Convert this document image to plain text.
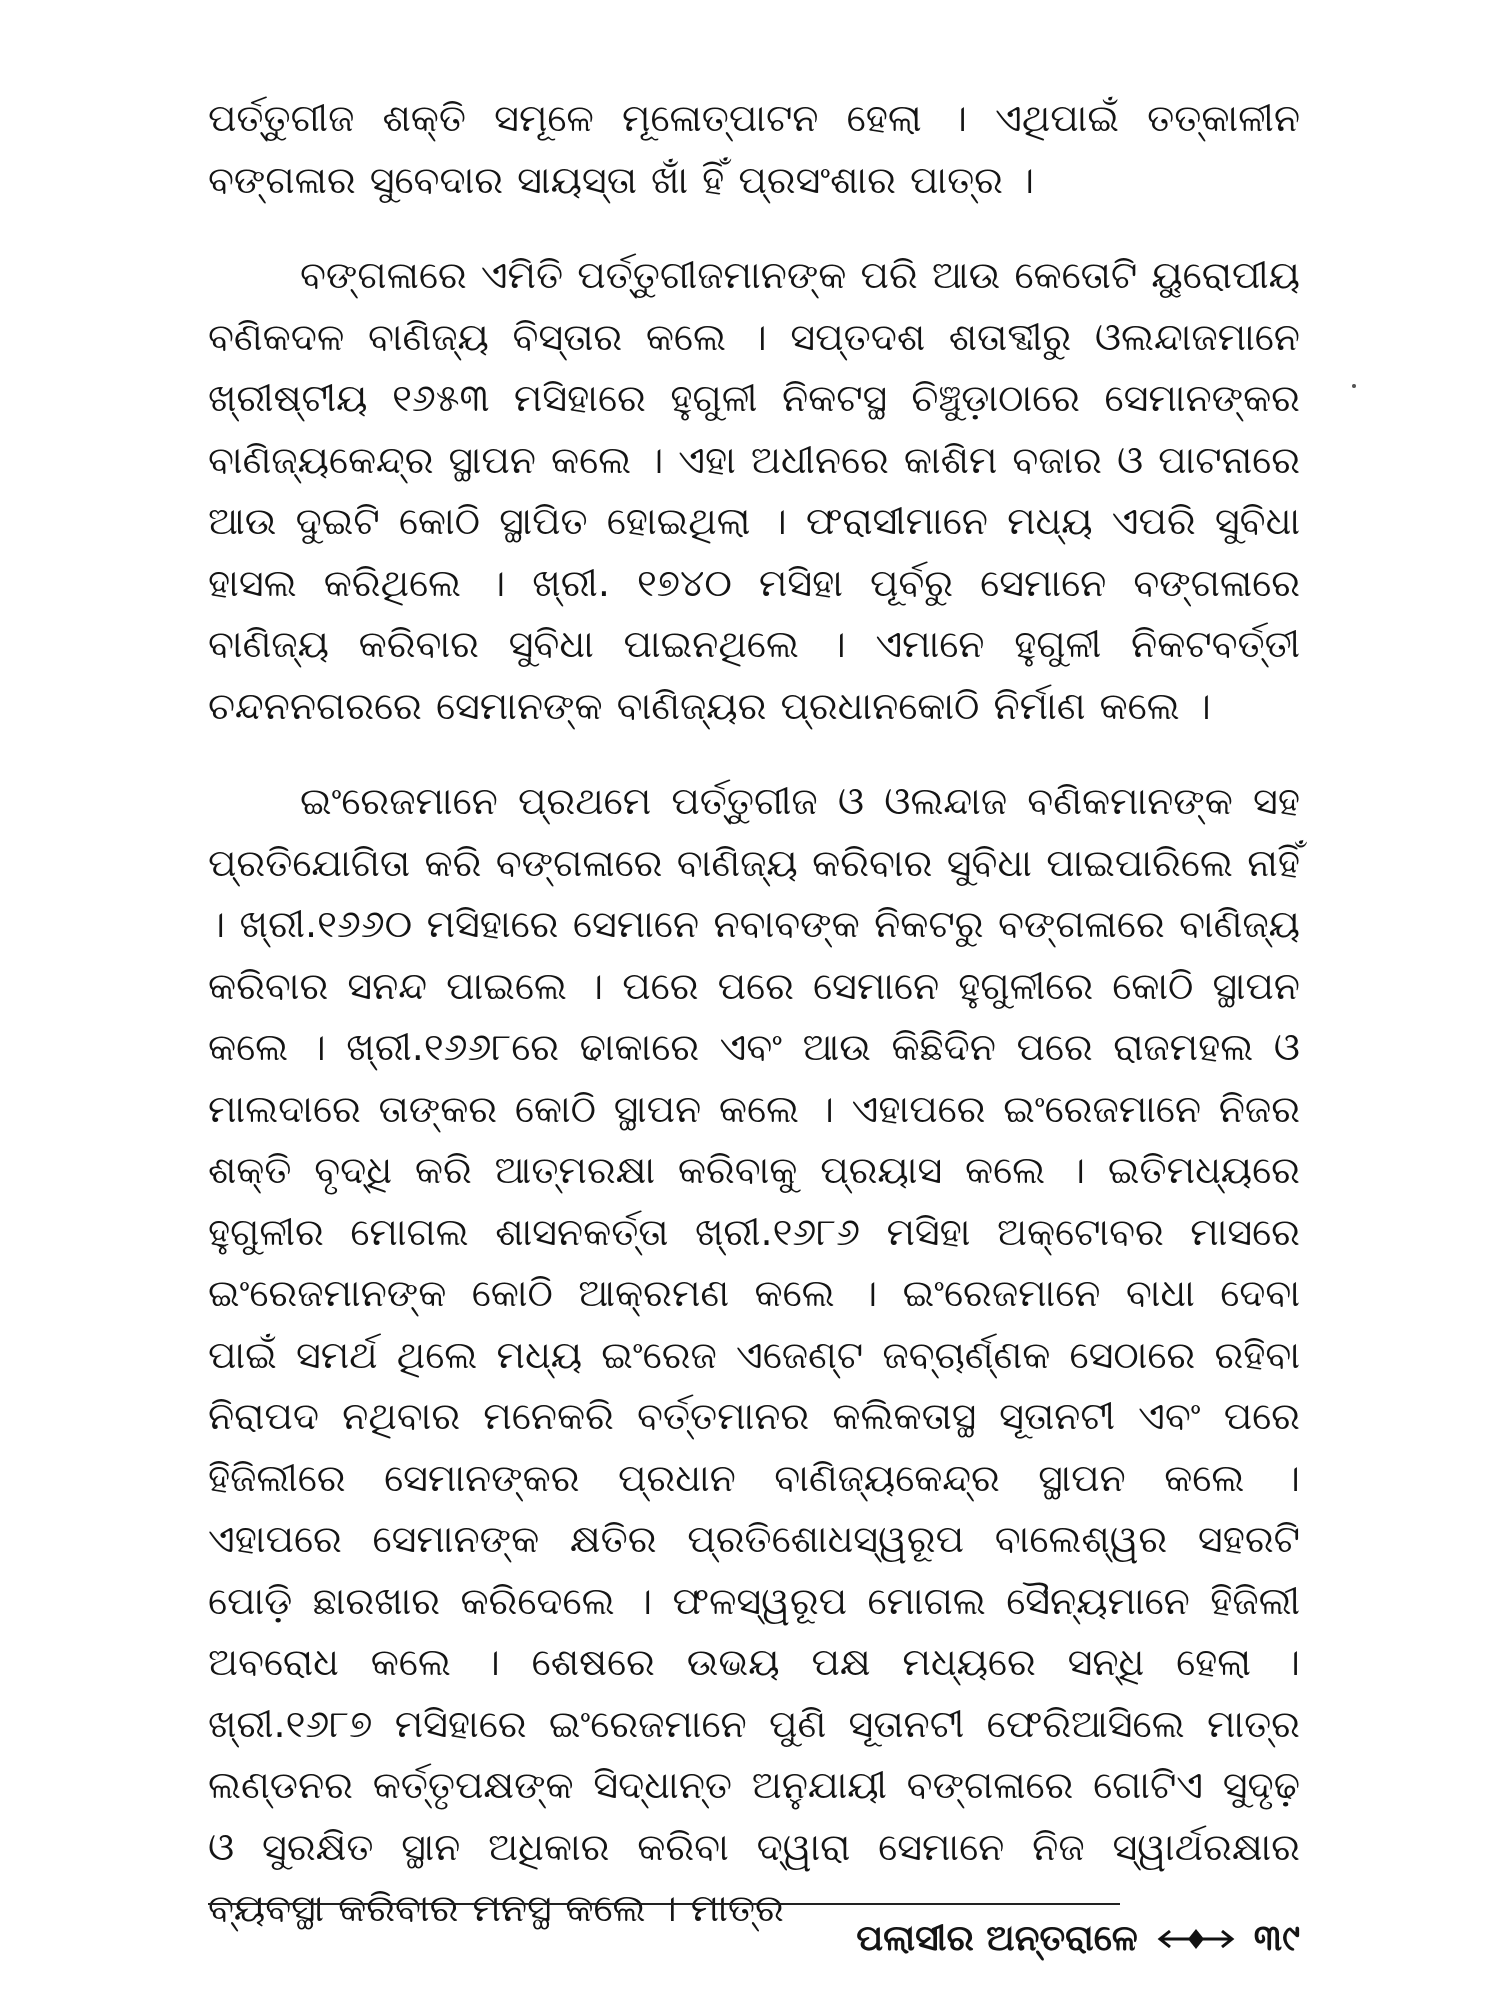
ପର୍ତ୍ତୁଗୀଜ ଶକ୍ତି ସମୂଳେ ମୂଳୋତ୍ପାଟନ ହେଲା । ଏଥିପାଇଁ ତତ୍‌କାଳୀନ ବଙ୍ଗଳାର ସୁବେଦାର ସାୟସ୍ତା ଖାଁ ହିଁ ପ୍ରସଂଶାର ପାତ୍ର ।

ବଙ୍ଗଳାରେ ଏମିତି ପର୍ତ୍ତୁଗୀଜମାନଙ୍କ ପରି ଆଉ କେତୋଟି ୟୁରୋପୀୟ ବଣିକଦଳ ବାଣିଜ୍ୟ ବିସ୍ତାର କଲେ । ସପ୍ତଦଶ ଶତାବ୍ଦୀରୁ ଓଲନ୍ଦାଜମାନେ ଖ୍ରୀଷ୍ଟୀୟ ୧୬୫୩ ମସିହାରେ ହୁଗୁଳୀ ନିକଟସ୍ଥ ଚିଞ୍ଚୁଡ଼ାଠାରେ ସେମାନଙ୍କର ବାଣିଜ୍ୟକେନ୍ଦ୍ର ସ୍ଥାପନ କଲେ । ଏହା ଅଧୀନରେ କାଶିମ ବଜାର ଓ ପାଟନାରେ ଆଉ ଦୁଇଟି କୋଠି ସ୍ଥାପିତ ହୋଇଥିଲା । ଫରାସୀମାନେ ମଧ୍ୟ ଏପରି ସୁବିଧା ହାସଲ କରିଥିଲେ । ଖ୍ରୀ. ୧୭୪୦ ମସିହା ପୂର୍ବରୁ ସେମାନେ ବଙ୍ଗଳାରେ ବାଣିଜ୍ୟ କରିବାର ସୁବିଧା ପାଇନଥିଲେ । ଏମାନେ ହୁଗୁଳୀ ନିକଟବର୍ତ୍ତୀ ଚନ୍ଦନନଗରରେ ସେମାନଙ୍କ ବାଣିଜ୍ୟର ପ୍ରଧାନକୋଠି ନିର୍ମାଣ କଲେ ।

ଇଂରେଜମାନେ ପ୍ରଥମେ ପର୍ତ୍ତୁଗୀଜ ଓ ଓଲନ୍ଦାଜ ବଣିକମାନଙ୍କ ସହ ପ୍ରତିଯୋଗିତା କରି ବଙ୍ଗଳାରେ ବାଣିଜ୍ୟ କରିବାର ସୁବିଧା ପାଇପାରିଲେ ନାହିଁ । ଖ୍ରୀ.୧୬୬୦ ମସିହାରେ ସେମାନେ ନବାବଙ୍କ ନିକଟରୁ ବଙ୍ଗଳାରେ ବାଣିଜ୍ୟ କରିବାର ସନନ୍ଦ ପାଇଲେ । ପରେ ପରେ ସେମାନେ ହୁଗୁଳୀରେ କୋଠି ସ୍ଥାପନ କଲେ । ଖ୍ରୀ.୧୬୬୮ରେ ଢାକାରେ ଏବଂ ଆଉ କିଛିଦିନ ପରେ ରାଜମହଲ ଓ ମାଲଦାରେ ତାଙ୍କର କୋଠି ସ୍ଥାପନ କଲେ । ଏହାପରେ ଇଂରେଜମାନେ ନିଜର ଶକ୍ତି ବୃଦ୍ଧି କରି ଆତ୍ମରକ୍ଷା କରିବାକୁ ପ୍ରୟାସ କଲେ । ଇତିମଧ୍ୟରେ ହୁଗୁଳୀର ମୋଗଲ ଶାସନକର୍ତ୍ତା ଖ୍ରୀ.୧୬୮୬ ମସିହା ଅକ୍ଟୋବର ମାସରେ ଇଂରେଜମାନଙ୍କ କୋଠି ଆକ୍ରମଣ କଲେ । ଇଂରେଜମାନେ ବାଧା ଦେବା ପାଇଁ ସମର୍ଥ ଥିଲେ ମଧ୍ୟ ଇଂରେଜ ଏଜେଣ୍ଟ ଜବ୍‌ଚାର୍ଣ୍ଣକ ସେଠାରେ ରହିବା ନିରାପଦ ନଥିବାର ମନେକରି ବର୍ତ୍ତମାନର କଲିକତାସ୍ଥ ସୂତାନଟୀ ଏବଂ ପରେ ହିଜିଲୀରେ ସେମାନଙ୍କର ପ୍ରଧାନ ବାଣିଜ୍ୟକେନ୍ଦ୍ର ସ୍ଥାପନ କଲେ । ଏହାପରେ ସେମାନଙ୍କ କ୍ଷତିର ପ୍ରତିଶୋଧସ୍ୱରୂପ ବାଲେଶ୍ୱର ସହରଟି ପୋଡ଼ି ଛାରଖାର କରିଦେଲେ । ଫଳସ୍ୱରୂପ ମୋଗଲ ସୈନ୍ୟମାନେ ହିଜିଲୀ ଅବରୋଧ କଲେ । ଶେଷରେ ଉଭୟ ପକ୍ଷ ମଧ୍ୟରେ ସନ୍ଧି ହେଲା । ଖ୍ରୀ.୧୬୮୭ ମସିହାରେ ଇଂରେଜମାନେ ପୁଣି ସୂତାନଟୀ ଫେରିଆସିଲେ ମାତ୍ର ଲଣ୍ଡନର କର୍ତ୍ତୃପକ୍ଷଙ୍କ ସିଦ୍ଧାନ୍ତ ଅନୁଯାୟୀ ବଙ୍ଗଳାରେ ଗୋଟିଏ ସୁଦୃଢ଼ ଓ ସୁରକ୍ଷିତ ସ୍ଥାନ ଅଧିକାର କରିବା ଦ୍ୱାରା ସେମାନେ ନିଜ ସ୍ୱାର୍ଥରକ୍ଷାର ବ୍ୟବସ୍ଥା କରିବାର ମନସ୍ଥ କଲେ । ମାତ୍ର

ପଲାସୀର ଅନ୍ତରାଳେ	୩୯
